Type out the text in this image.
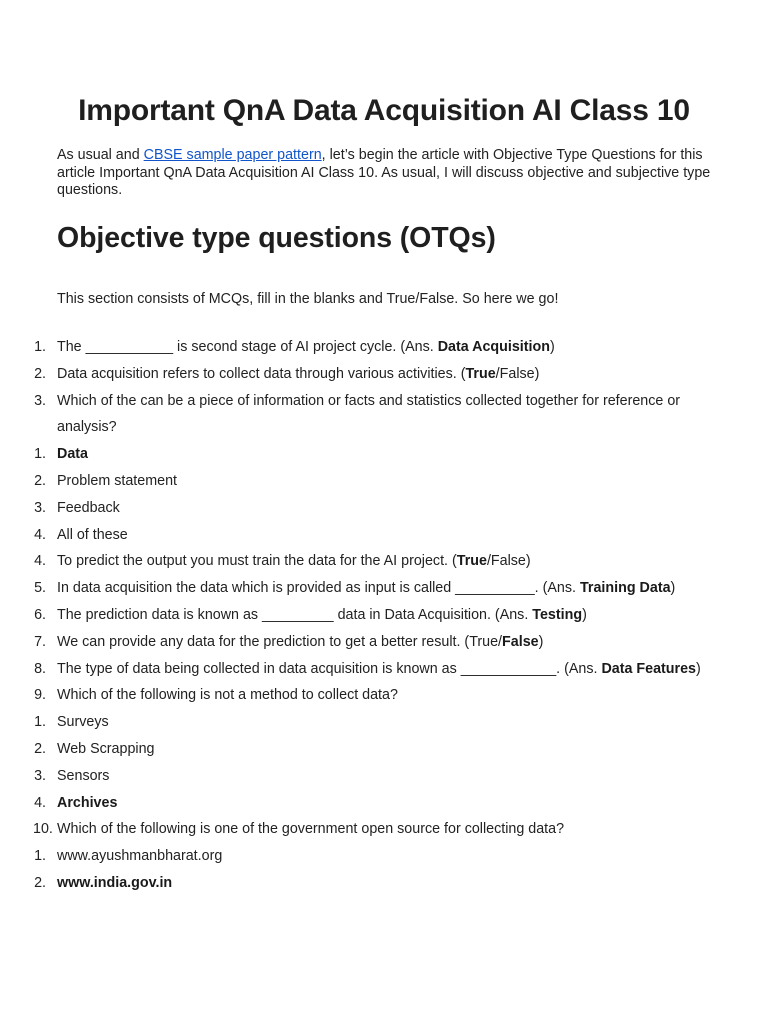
Important QnA Data Acquisition AI Class 10

As usual and CBSE sample paper pattern, let’s begin the article with Objective Type Questions for this article Important QnA Data Acquisition AI Class 10. As usual, I will discuss objective and subjective type questions.

Objective type questions (OTQs)

This section consists of MCQs, fill in the blanks and True/False. So here we go!

1. The ___________ is second stage of AI project cycle. (Ans. Data Acquisition)
2. Data acquisition refers to collect data through various activities. (True/False)
3. Which of the can be a piece of information or facts and statistics collected together for reference or analysis?
1. Data
2. Problem statement
3. Feedback
4. All of these
4. To predict the output you must train the data for the AI project. (True/False)
5. In data acquisition the data which is provided as input is called __________. (Ans. Training Data)
6. The prediction data is known as _________ data in Data Acquisition. (Ans. Testing)
7. We can provide any data for the prediction to get a better result. (True/False)
8. The type of data being collected in data acquisition is known as ____________. (Ans. Data Features)
9. Which of the following is not a method to collect data?
1. Surveys
2. Web Scrapping
3. Sensors
4. Archives
10. Which of the following is one of the government open source for collecting data?
1. www.ayushmanbharat.org
2. www.india.gov.in
